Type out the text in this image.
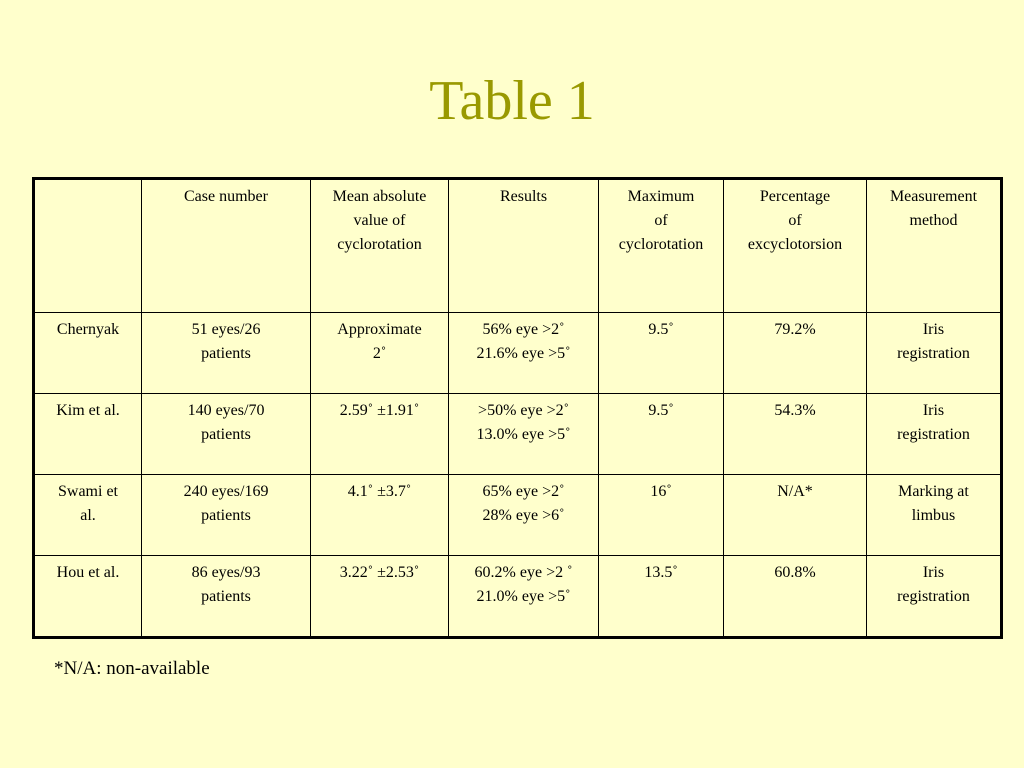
Table 1

	Case number	Mean absolute
value of
cyclorotation	Results	Maximum
of
cyclorotation	Percentage
of
excyclotorsion	Measurement
method

Chernyak	51 eyes/26
patients	Approximate
2˚	56% eye >2˚
21.6% eye >5˚	9.5˚	79.2%	Iris
registration

Kim et al.	140 eyes/70
patients	2.59˚ ±1.91˚	>50% eye >2˚
13.0% eye >5˚	9.5˚	54.3%	Iris
registration

Swami et
al.	240 eyes/169
patients	4.1˚ ±3.7˚	65% eye >2˚
28% eye >6˚	16˚	N/A*	Marking at
limbus

Hou et al.	86 eyes/93
patients	3.22˚ ±2.53˚	60.2% eye >2 ˚
21.0% eye >5˚	13.5˚	60.8%	Iris
registration
*N/A: non-available
